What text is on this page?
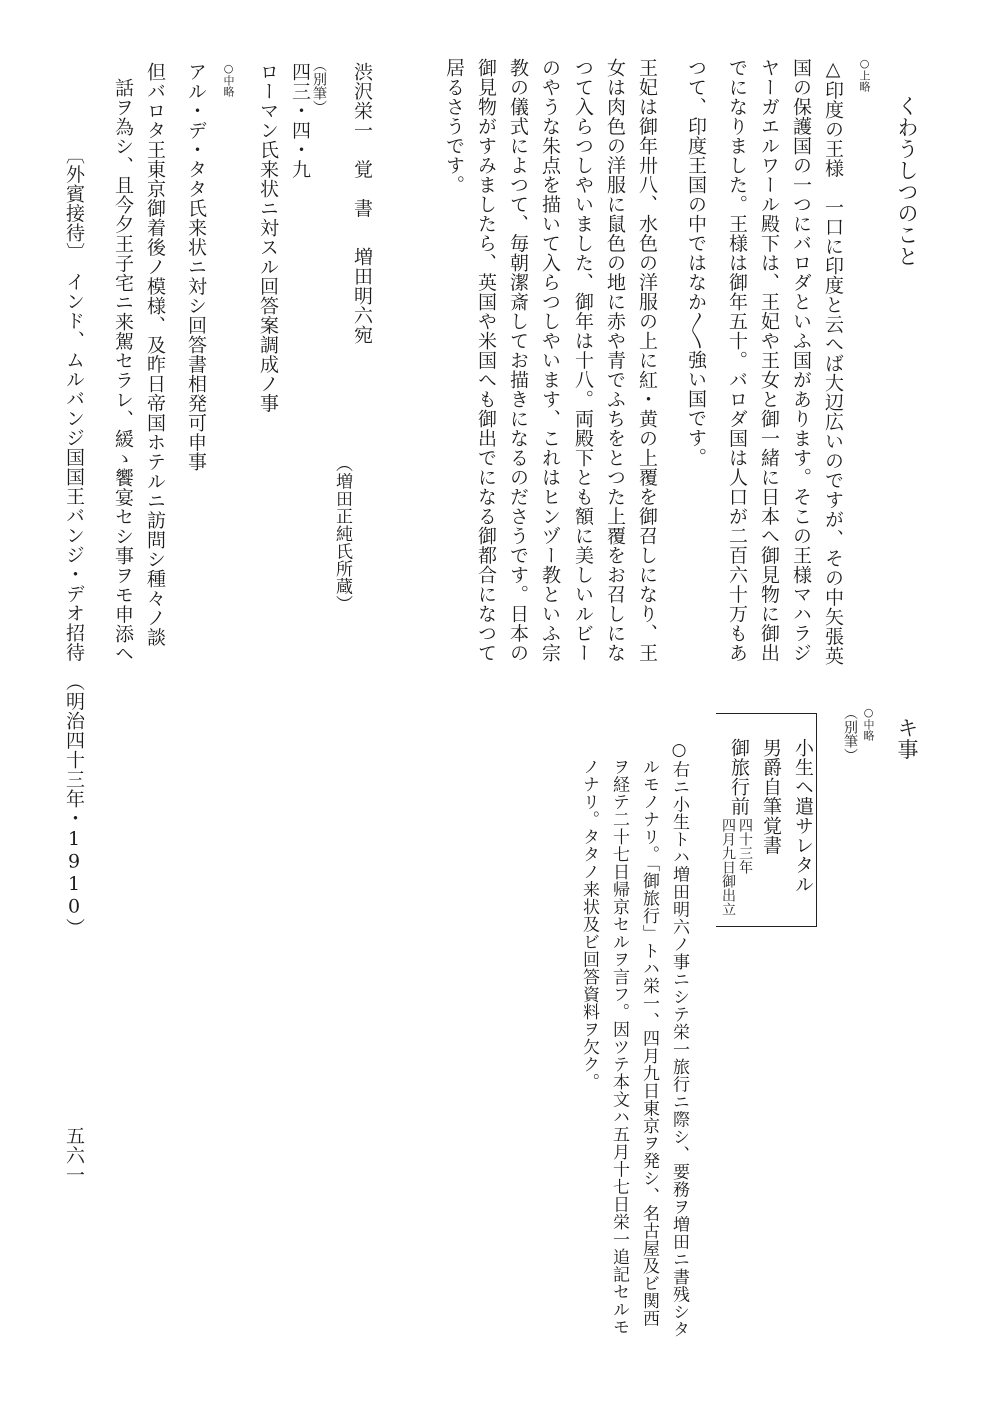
くわうしつのこと
○上略
△印度の王様　一口に印度と云へば大辺広いのですが、その中矢張英
国の保護国の一つにバロダといふ国があります。そこの王様マハラジ
ヤーガエルワール殿下は、王妃や王女と御一緒に日本へ御見物に御出
でになりました。王様は御年五十。バロダ国は人口が二百六十万もあ
つて、印度王国の中ではなか〳〵強い国です。
王妃は御年卅八、水色の洋服の上に紅・黄の上覆を御召しになり、王
女は肉色の洋服に鼠色の地に赤や青でふちをとつた上覆をお召しにな
つて入らつしやいました、御年は十八。両殿下とも額に美しいルビー
のやうな朱点を描いて入らつしやいます、これはヒンヅー教といふ宗
教の儀式によつて、毎朝潔斎してお描きになるのださうです。日本の
御見物がすみましたら、英国や米国へも御出でになる御都合になつて
居るさうです。
渋沢栄一　覚　書
増田明六宛
（増田正純氏所蔵）
（別筆）
四三・四・九
ローマン氏来状ニ対スル回答案調成ノ事
○中略
アル・デ・タタ氏来状ニ対シ回答書相発可申事
但バロタ王東京御着後ノ模様、及昨日帝国ホテルニ訪問シ種々ノ談
話ヲ為シ、且今夕王子宅ニ来駕セラレ、緩ゝ饗宴セシ事ヲモ申添ヘ
〔外賓接待〕　インド、ムルバンジ国国王バンジ・デオ招待　（明治四十三年・1910）	キ事
○中略
（別筆）
小生ヘ遣サレタル
男爵自筆覚書
御旅行前
四十三年
四月九日御出立
○右ニ小生トハ増田明六ノ事ニシテ栄一旅行ニ際シ、要務ヲ増田ニ書残シタ
ルモノナリ。「御旅行」トハ栄一、四月九日東京ヲ発シ、名古屋及ビ関西
ヲ経テ二十七日帰京セルヲ言フ。因ツテ本文ハ五月十七日栄一追記セルモ
ノナリ。タタノ来状及ビ回答資料ヲ欠ク。
五六一
